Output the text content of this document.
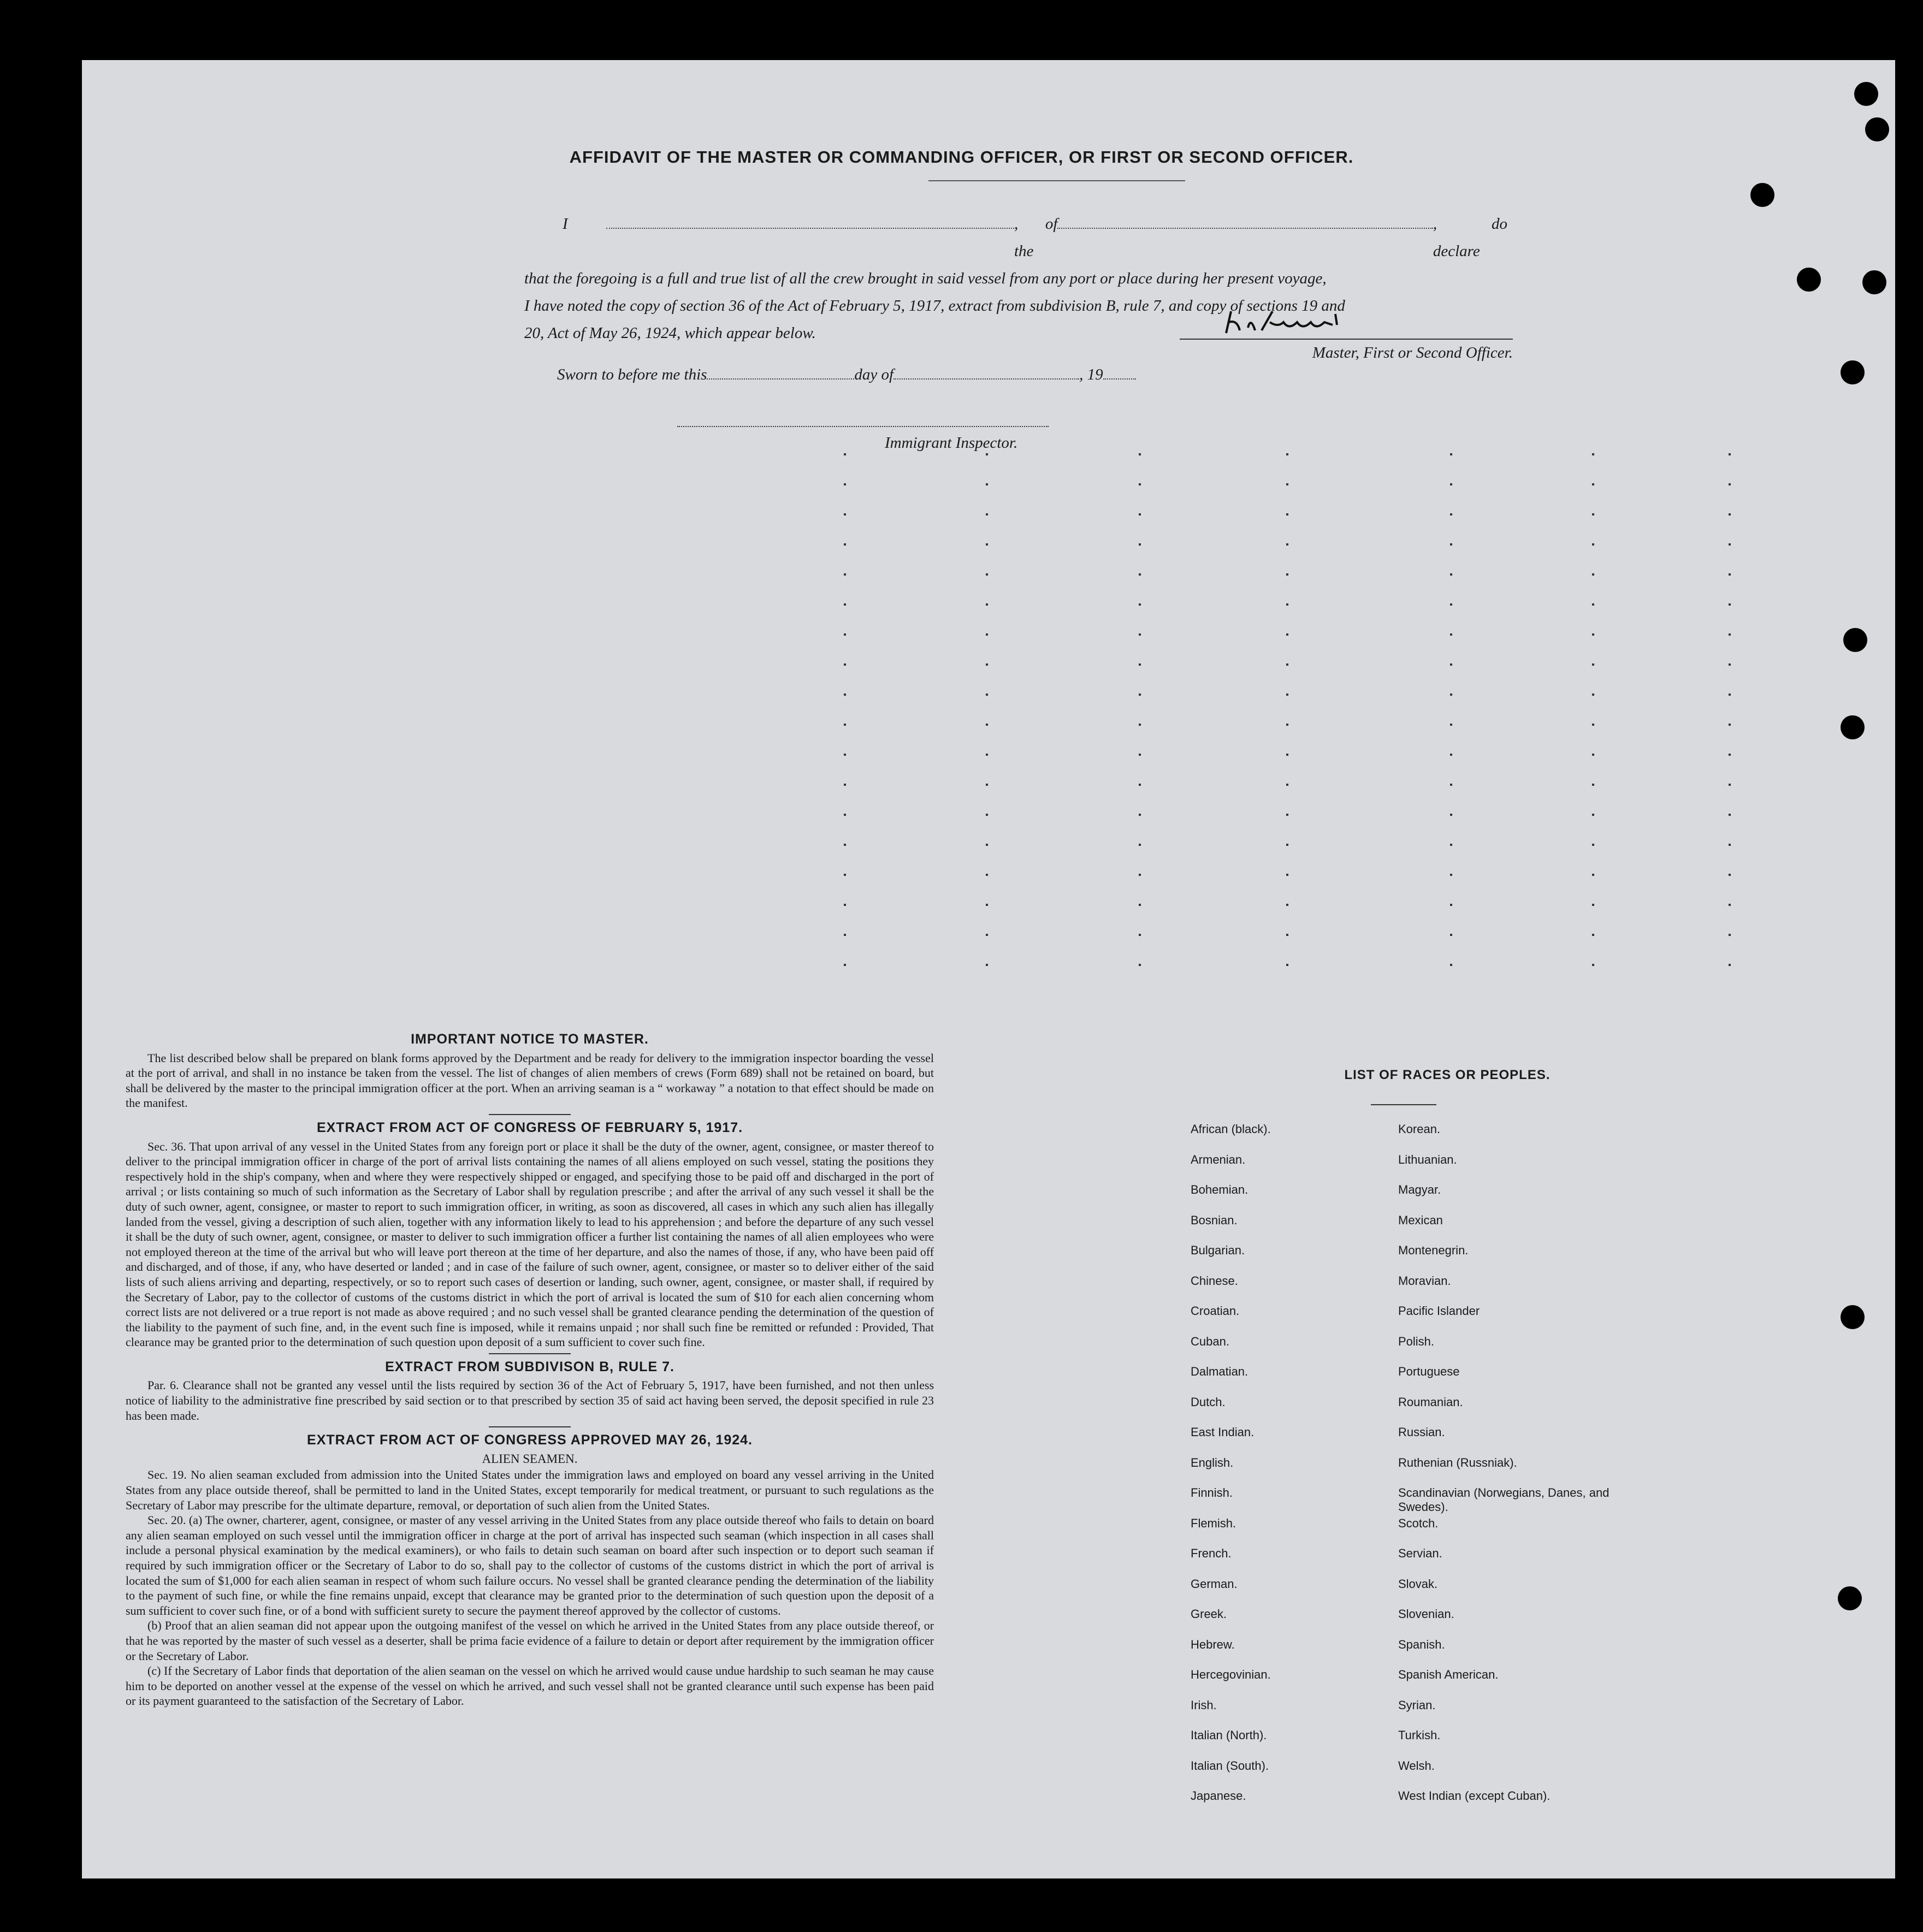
AFFIDAVIT OF THE MASTER OR COMMANDING OFFICER, OR FIRST OR SECOND OFFICER.
I	, of the
, do declare
that the foregoing is a full and true list of all the crew brought in said vessel from any port or place during her present voyage,
I have noted the copy of section 36 of the Act of February 5, 1917, extract from subdivision B, rule 7, and copy of sections 19 and
20, Act of May 26, 1924, which appear below.
Master, First or Second Officer.
Sworn to before me this	day of	, 19
Immigrant Inspector.
IMPORTANT NOTICE TO MASTER.

The list described below shall be prepared on blank forms approved by the Department and be ready for delivery to the immigration inspector boarding the vessel at the port of arrival, and shall in no instance be taken from the vessel. The list of changes of alien members of crews (Form 689) shall not be retained on board, but shall be delivered by the master to the principal immigration officer at the port. When an arriving seaman is a “ workaway ” a notation to that effect should be made on the manifest.

EXTRACT FROM ACT OF CONGRESS OF FEBRUARY 5, 1917.

Sec. 36. That upon arrival of any vessel in the United States from any foreign port or place it shall be the duty of the owner, agent, consignee, or master thereof to deliver to the principal immigration officer in charge of the port of arrival lists containing the names of all aliens employed on such vessel, stating the positions they respectively hold in the ship's company, when and where they were respectively shipped or engaged, and specifying those to be paid off and discharged in the port of arrival ; or lists containing so much of such information as the Secretary of Labor shall by regulation prescribe ; and after the arrival of any such vessel it shall be the duty of such owner, agent, consignee, or master to report to such immigration officer, in writing, as soon as discovered, all cases in which any such alien has illegally landed from the vessel, giving a description of such alien, together with any information likely to lead to his apprehension ; and before the departure of any such vessel it shall be the duty of such owner, agent, consignee, or master to deliver to such immigration officer a further list containing the names of all alien employees who were not employed thereon at the time of the arrival but who will leave port thereon at the time of her departure, and also the names of those, if any, who have been paid off and discharged, and of those, if any, who have deserted or landed ; and in case of the failure of such owner, agent, consignee, or master so to deliver either of the said lists of such aliens arriving and departing, respectively, or so to report such cases of desertion or landing, such owner, agent, consignee, or master shall, if required by the Secretary of Labor, pay to the collector of customs of the customs district in which the port of arrival is located the sum of $10 for each alien concerning whom correct lists are not delivered or a true report is not made as above required ; and no such vessel shall be granted clearance pending the determination of the question of the liability to the payment of such fine, and, in the event such fine is imposed, while it remains unpaid ; nor shall such fine be remitted or refunded : Provided, That clearance may be granted prior to the determination of such question upon deposit of a sum sufficient to cover such fine.

EXTRACT FROM SUBDIVISON B, RULE 7.

Par. 6. Clearance shall not be granted any vessel until the lists required by section 36 of the Act of February 5, 1917, have been furnished, and not then unless notice of liability to the administrative fine prescribed by said section or to that prescribed by section 35 of said act having been served, the deposit specified in rule 23 has been made.

EXTRACT FROM ACT OF CONGRESS APPROVED MAY 26, 1924.
ALIEN SEAMEN.

Sec. 19. No alien seaman excluded from admission into the United States under the immigration laws and employed on board any vessel arriving in the United States from any place outside thereof, shall be permitted to land in the United States, except temporarily for medical treatment, or pursuant to such regulations as the Secretary of Labor may prescribe for the ultimate departure, removal, or deportation of such alien from the United States.

Sec. 20. (a) The owner, charterer, agent, consignee, or master of any vessel arriving in the United States from any place outside thereof who fails to detain on board any alien seaman employed on such vessel until the immigration officer in charge at the port of arrival has inspected such seaman (which inspection in all cases shall include a personal physical examination by the medical examiners), or who fails to detain such seaman on board after such inspection or to deport such seaman if required by such immigration officer or the Secretary of Labor to do so, shall pay to the collector of customs of the customs district in which the port of arrival is located the sum of $1,000 for each alien seaman in respect of whom such failure occurs. No vessel shall be granted clearance pending the determination of the liability to the payment of such fine, or while the fine remains unpaid, except that clearance may be granted prior to the determination of such question upon the deposit of a sum sufficient to cover such fine, or of a bond with sufficient surety to secure the payment thereof approved by the collector of customs.

(b) Proof that an alien seaman did not appear upon the outgoing manifest of the vessel on which he arrived in the United States from any place outside thereof, or that he was reported by the master of such vessel as a deserter, shall be prima facie evidence of a failure to detain or deport after requirement by the immigration officer or the Secretary of Labor.

(c) If the Secretary of Labor finds that deportation of the alien seaman on the vessel on which he arrived would cause undue hardship to such seaman he may cause him to be deported on another vessel at the expense of the vessel on which he arrived, and such vessel shall not be granted clearance until such expense has been paid or its payment guaranteed to the satisfaction of the Secretary of Labor.

LIST OF RACES OR PEOPLES.
African (black).	Korean.
Armenian.	Lithuanian.
Bohemian.	Magyar.
Bosnian.	Mexican
Bulgarian.	Montenegrin.
Chinese.	Moravian.
Croatian.	Pacific Islander
Cuban.	Polish.
Dalmatian.	Portuguese
Dutch.	Roumanian.
East Indian.	Russian.
English.	Ruthenian (Russniak).
Finnish.	Scandinavian (Norwegians, Danes, and Swedes).
Flemish.	Scotch.
French.	Servian.
German.	Slovak.
Greek.	Slovenian.
Hebrew.	Spanish.
Hercegovinian.	Spanish American.
Irish.	Syrian.
Italian (North).	Turkish.
Italian (South).	Welsh.
Japanese.	West Indian (except Cuban).
